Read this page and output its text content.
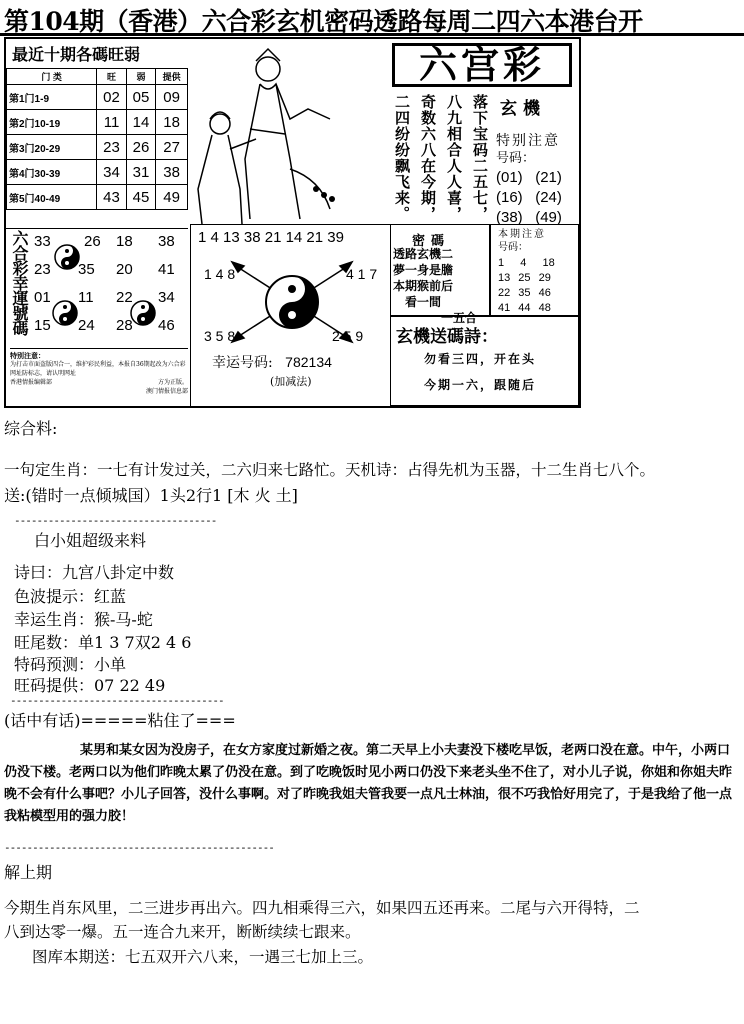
第104期（香港）六合彩玄机密码透路每周二四六本港台开
最近十期各碼旺弱
门 类	旺	弱	提供
第1门1-9	02	05	09
第2门10-19	11	14	18
第3门20-29	23	26	27
第4门30-39	34	31	38
第5门40-49	43	45	49
六宫彩
玄機
落下宝码二五七，
八九相合人人喜，
奇数六八在今期，
二四纷纷飘飞来。	特别注意
号码：
(01) (21)
(16) (24)
(38) (49)
六合彩幸運號碼 33 26 18 38
23 35 20 41
01 11 22 34
15 24 28 46
特别注意：
为打击市面盗版四合一，维护彩民利益，本报自36期起改为六合彩网址防标志，请认明网址
香港情报编辑部	方为正版。
澳门情报信息部
1 4 13 38 21 14 21 39
1 4 8	4 1 7
3 5 8	2 5 9
幸运号码: 782134
(加减法)
密碼
透路玄機二
夢一身是膽
本期猴前后
看一間
一五合
本期注意
号码：
1  4  18
13 25 29
22 35 46
41 44 48
玄機送碼詩：
勿看三四，开在头
今期一六，跟随后
综合料:
一句定生肖：一七有计发过关，二六归来七路忙。天机诗：占得先机为玉器，十二生肖七八个。
送:(错时一点倾城国）1头2行1 [木 火 土]
------------------------------------
白小姐超级来料
诗曰：九宫八卦定中数
色波提示：红蓝
幸运生肖：猴-马-蛇
旺尾数：单1 3 7双2 4 6
特码预测：小单
旺码提供：07 22 49
--------------------------------------
(话中有话)=====粘住了===
某男和某女因为没房子，在女方家度过新婚之夜。第二天早上小夫妻没下楼吃早饭，老两口没在意。中午，小两口仍没下楼。老两口以为他们昨晚太累了仍没在意。到了吃晚饭时见小两口仍没下来老头坐不住了，对小儿子说，你姐和你姐夫昨晚不会有什么事吧？小儿子回答，没什么事啊。对了昨晚我姐夫管我要一点凡士林油，很不巧我恰好用完了，于是我给了他一点我粘模型用的强力胶！
------------------------------------------------
解上期
今期生肖东风里，二三进步再出六。四九相乘得三六，如果四五还再来。二尾与六开得特，二
八到达零一爆。五一连合九来开，断断续续七跟来。
图库本期送：七五双开六八来，一遇三七加上三。
